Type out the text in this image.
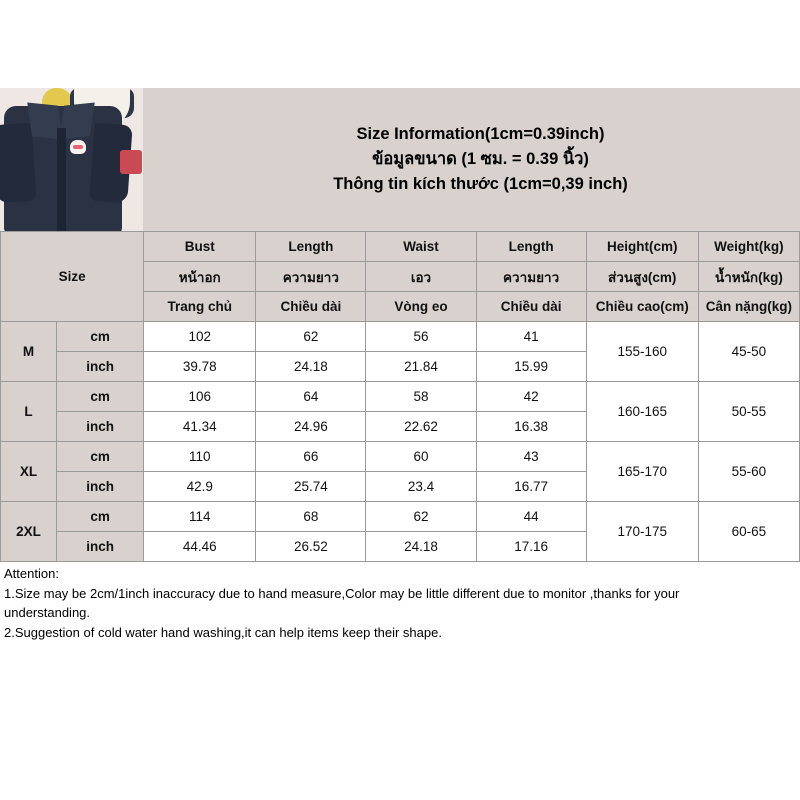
Size Information(1cm=0.39inch)
ข้อมูลขนาด (1 ซม. = 0.39 นิ้ว)
Thông tin kích thước (1cm=0,39 inch)
Size		Bust	Length	Waist	Length	Height(cm)	Weight(kg)
		หน้าอก	ความยาว	เอว	ความยาว	ส่วนสูง(cm)	น้ำหนัก(kg)
		Trang chủ	Chiều dài	Vòng eo	Chiều dài	Chiều cao(cm)	Cân nặng(kg)
M	cm	102	62	56	41	155-160	45-50
	inch	39.78	24.18	21.84	15.99		
L	cm	106	64	58	42	160-165	50-55
	inch	41.34	24.96	22.62	16.38		
XL	cm	110	66	60	43	165-170	55-60
	inch	42.9	25.74	23.4	16.77		
2XL	cm	114	68	62	44	170-175	60-65
	inch	44.46	26.52	24.18	17.16		
Attention:
1.Size may be 2cm/1inch inaccuracy due to hand measure,Color may be little different due to monitor ,thanks for your
understanding.
2.Suggestion of cold water hand washing,it can help items keep their shape.
